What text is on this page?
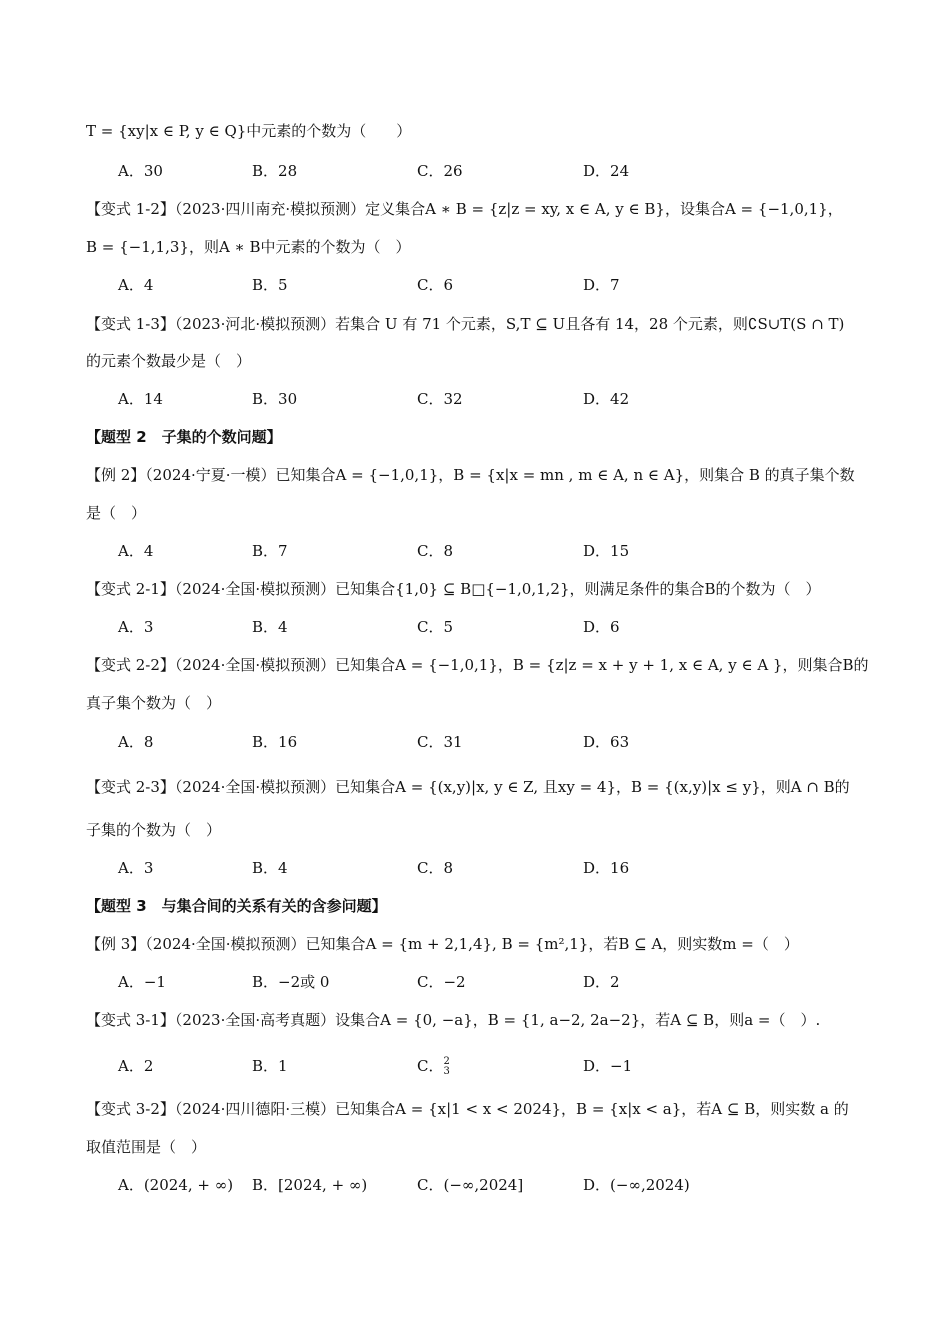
T = {xy|x ∈ P, y ∈ Q}中元素的个数为（　　）
A．30	B．28	C．26	D．24
【变式 1-2】（2023·四川南充·模拟预测）定义集合A ∗ B = {z|z = xy, x ∈ A, y ∈ B}，设集合A = {−1,0,1}，
B = {−1,1,3}，则A ∗ B中元素的个数为（　）
A．4	B．5	C．6	D．7
【变式 1-3】（2023·河北·模拟预测）若集合 U 有 71 个元素，S,T ⊆ U且各有 14，28 个元素，则∁S∪T(S ∩ T)
的元素个数最少是（　）
A．14	B．30	C．32	D．42
【题型 2　子集的个数问题】
【例 2】（2024·宁夏·一模）已知集合A = {−1,0,1}，B = {x|x = mn , m ∈ A, n ∈ A}，则集合 B 的真子集个数
是（　）
A．4	B．7	C．8	D．15
【变式 2-1】（2024·全国·模拟预测）已知集合{1,0} ⊆ B□{−1,0,1,2}，则满足条件的集合B的个数为（　）
A．3	B．4	C．5	D．6
【变式 2-2】（2024·全国·模拟预测）已知集合A = {−1,0,1}，B = {z|z = x + y + 1, x ∈ A, y ∈ A }，则集合B的
真子集个数为（　）
A．8	B．16	C．31	D．63
【变式 2-3】（2024·全国·模拟预测）已知集合A = {(x,y)|x, y ∈ Z, 且xy = 4}，B = {(x,y)|x ≤ y}，则A ∩ B的
子集的个数为（　）
A．3	B．4	C．8	D．16
【题型 3　与集合间的关系有关的含参问题】
【例 3】（2024·全国·模拟预测）已知集合A = {m + 2,1,4}, B = {m²,1}，若B ⊆ A，则实数m =（　）
A．−1	B．−2或 0	C．−2	D．2
【变式 3-1】（2023·全国·高考真题）设集合A = {0, −a}，B = {1, a−2, 2a−2}，若A ⊆ B，则a =（　）.
A．2	B．1	C． 2
3	D．−1
【变式 3-2】（2024·四川德阳·三模）已知集合A = {x|1 < x < 2024}，B = {x|x < a}，若A ⊆ B，则实数 a 的
取值范围是（　）
A．(2024, + ∞) B．[2024, + ∞)	C．(−∞,2024]	D．(−∞,2024)
